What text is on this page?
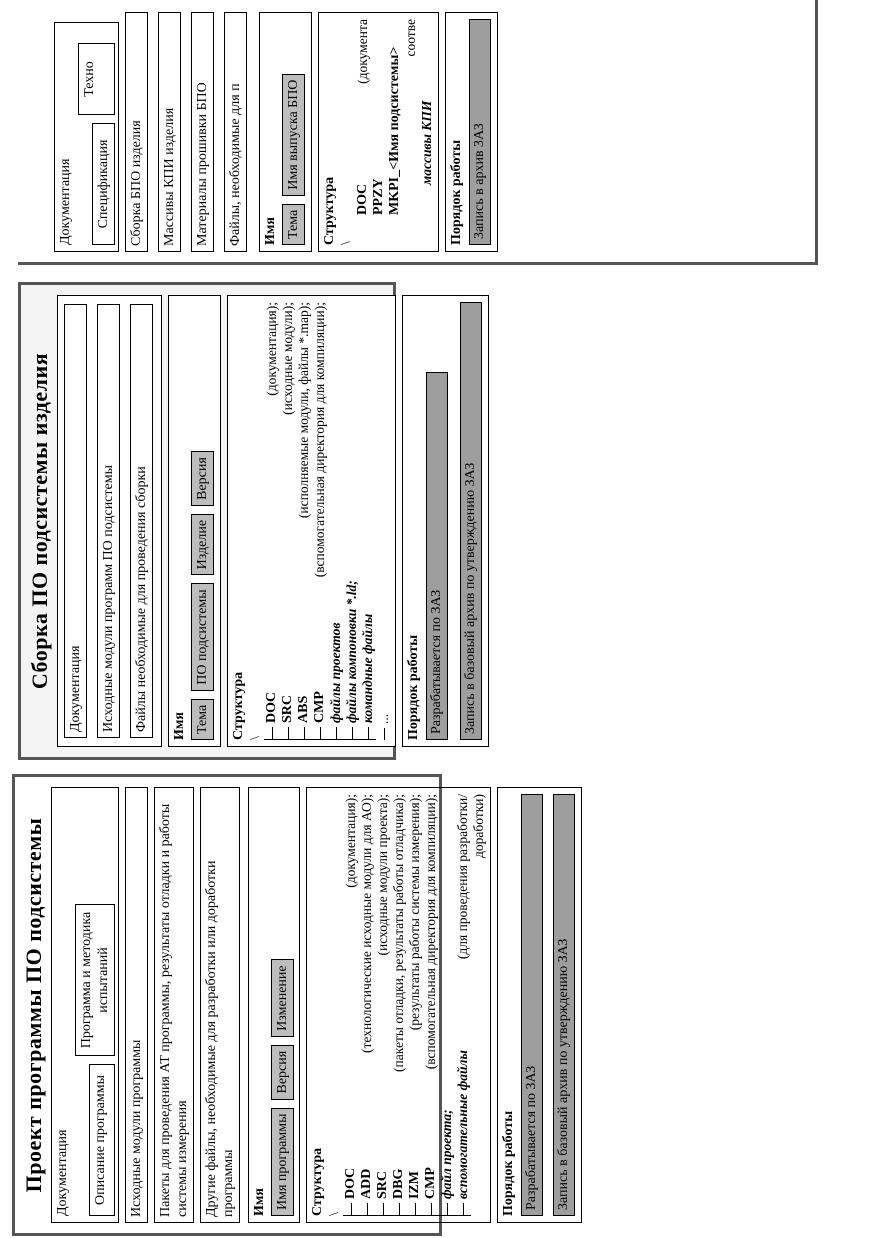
Проект программы ПО подсистемы Документация Описание программы
Программа и методика испытаний
Исходные модули программы Пакеты для проведения АТ программы, результаты отладки и работы системы измерения Другие файлы, необходимые для разработки или доработки программы Имя Имя программы
Версия
Изменение
Структура \
DOC
(документация);
ADD
(технологические исходные модули для АО);
SRC
(исходные модули проекта);
DBG
(пакеты отладки, результаты работы отладчика);
IZM
(результаты работы системы измерения);
CMP
(вспомогательная директория для компиляции);
файл проекта; вспомогательные файлы
(для проведения разработки/доработки)
Порядок работы Разрабатывается по ЗАЗ Запись в базовый архив по утверждению ЗАЗ
Сборка ПО подсистемы изделия	Документация Исходные модули программ ПО подсистемы Файлы необходимые для проведения сборки Имя Тема
ПО подсистемы
Изделие
Версия
Структура \
DOC
(документация);
SRC
(исходные модули);
ABS
(исполняемые модули, файлы *.map);
CMP
(вспомогательная директория для компиляции);
файлы проектов файлы компоновки *.ld; командные файлы ... Порядок работы Разрабатывается по ЗАЗ Запись в базовый архив по утверждению ЗАЗ
Документация Спецификация
Техно
Сборка БПО изделия Массивы КПИ изделия Материалы прошивки БПО Файлы, необходимые для п Имя Тема
Имя выпуска БПО
Структура \
DOC
(документа
PPZY MKPI_<Имя подсистемы>
соотве
массивы КПИ Порядок работы Запись в архив ЗАЗ
